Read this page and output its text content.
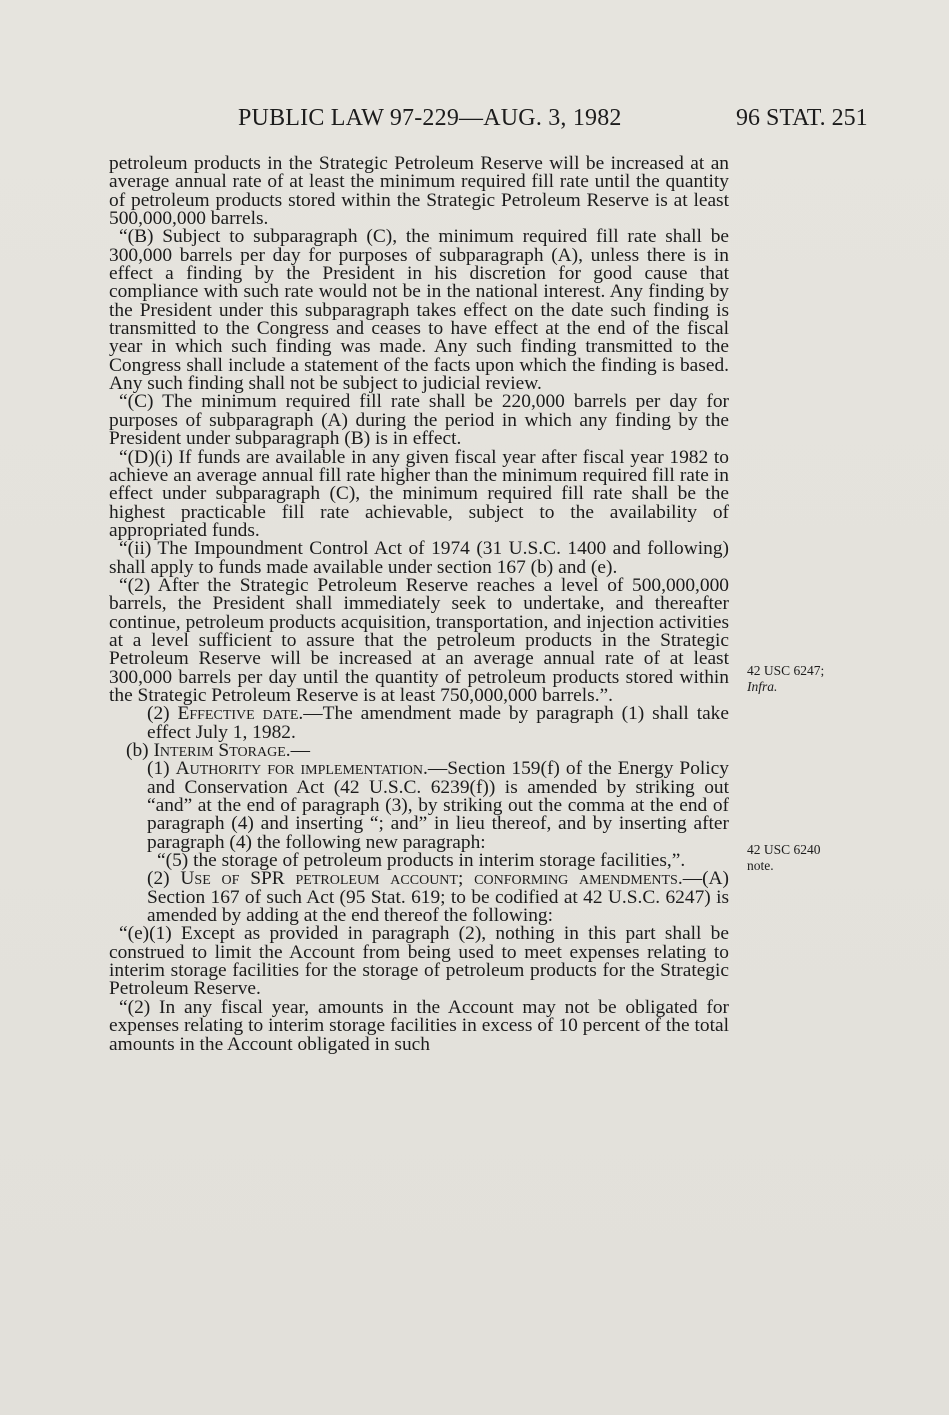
PUBLIC LAW 97-229—AUG. 3, 1982	96 STAT. 251

petroleum products in the Strategic Petroleum Reserve will be increased at an average annual rate of at least the minimum required fill rate until the quantity of petroleum products stored within the Strategic Petroleum Reserve is at least 500,000,000 barrels.

“(B) Subject to subparagraph (C), the minimum required fill rate shall be 300,000 barrels per day for purposes of subparagraph (A), unless there is in effect a finding by the President in his discretion for good cause that compliance with such rate would not be in the national interest. Any finding by the President under this subparagraph takes effect on the date such finding is transmitted to the Congress and ceases to have effect at the end of the fiscal year in which such finding was made. Any such finding transmitted to the Congress shall include a statement of the facts upon which the finding is based. Any such finding shall not be subject to judicial review.

“(C) The minimum required fill rate shall be 220,000 barrels per day for purposes of subparagraph (A) during the period in which any finding by the President under subparagraph (B) is in effect.

“(D)(i) If funds are available in any given fiscal year after fiscal year 1982 to achieve an average annual fill rate higher than the minimum required fill rate in effect under subparagraph (C), the minimum required fill rate shall be the highest practicable fill rate achievable, subject to the availability of appropriated funds.

“(ii) The Impoundment Control Act of 1974 (31 U.S.C. 1400 and following) shall apply to funds made available under section 167 (b) and (e).

“(2) After the Strategic Petroleum Reserve reaches a level of 500,000,000 barrels, the President shall immediately seek to undertake, and thereafter continue, petroleum products acquisition, transportation, and injection activities at a level sufficient to assure that the petroleum products in the Strategic Petroleum Reserve will be increased at an average annual rate of at least 300,000 barrels per day until the quantity of petroleum products stored within the Strategic Petroleum Reserve is at least 750,000,000 barrels.”.

(2) Effective date.—The amendment made by paragraph (1) shall take effect July 1, 1982.

(b) Interim Storage.—

(1) Authority for implementation.—Section 159(f) of the Energy Policy and Conservation Act (42 U.S.C. 6239(f)) is amended by striking out “and” at the end of paragraph (3), by striking out the comma at the end of paragraph (4) and inserting “; and” in lieu thereof, and by inserting after paragraph (4) the following new paragraph:

“(5) the storage of petroleum products in interim storage facilities,”.

(2) Use of SPR petroleum account; conforming amendments.—(A) Section 167 of such Act (95 Stat. 619; to be codified at 42 U.S.C. 6247) is amended by adding at the end thereof the following:

“(e)(1) Except as provided in paragraph (2), nothing in this part shall be construed to limit the Account from being used to meet expenses relating to interim storage facilities for the storage of petroleum products for the Strategic Petroleum Reserve.

“(2) In any fiscal year, amounts in the Account may not be obligated for expenses relating to interim storage facilities in excess of 10 percent of the total amounts in the Account obligated in such

42 USC 6247;
Infra.
42 USC 6240
note.
